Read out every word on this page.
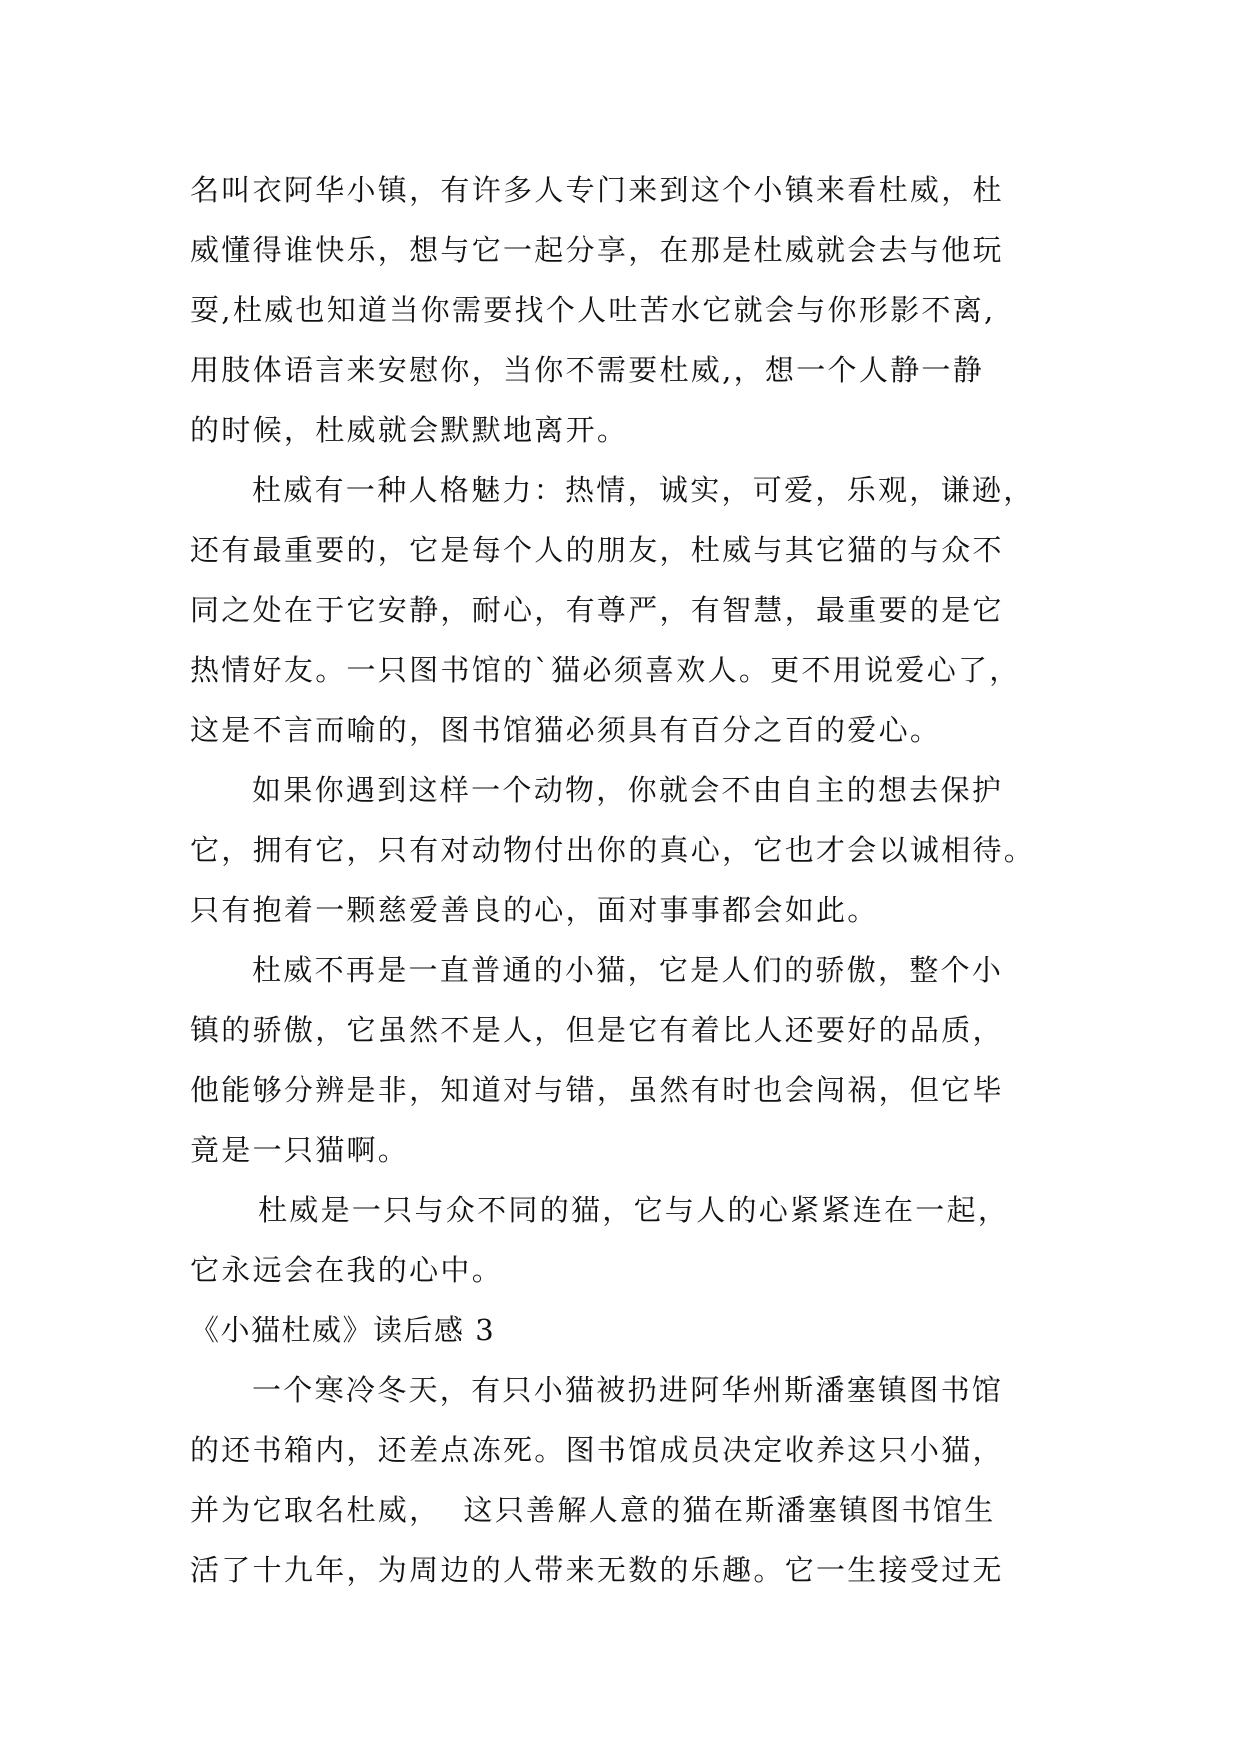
名叫衣阿华小镇，有许多人专门来到这个小镇来看杜威，杜
威懂得谁快乐，想与它一起分享，在那是杜威就会去与他玩
耍,杜威也知道当你需要找个人吐苦水它就会与你形影不离,
用肢体语言来安慰你，当你不需要杜威,，想一个人静一静
的时候，杜威就会默默地离开。
杜威有一种人格魅力：热情，诚实，可爱，乐观，谦逊，
还有最重要的，它是每个人的朋友，杜威与其它猫的与众不
同之处在于它安静，耐心，有尊严，有智慧，最重要的是它
热情好友。一只图书馆的`猫必须喜欢人。更不用说爱心了，
这是不言而喻的，图书馆猫必须具有百分之百的爱心。
如果你遇到这样一个动物，你就会不由自主的想去保护
它，拥有它，只有对动物付出你的真心，它也才会以诚相待。
只有抱着一颗慈爱善良的心，面对事事都会如此。
杜威不再是一直普通的小猫，它是人们的骄傲，整个小
镇的骄傲，它虽然不是人，但是它有着比人还要好的品质，
他能够分辨是非，知道对与错，虽然有时也会闯祸，但它毕
竟是一只猫啊。
杜威是一只与众不同的猫，它与人的心紧紧连在一起，
它永远会在我的心中。
《小猫杜威》读后感 3
一个寒冷冬天，有只小猫被扔进阿华州斯潘塞镇图书馆
的还书箱内，还差点冻死。图书馆成员决定收养这只小猫，
并为它取名杜威，  这只善解人意的猫在斯潘塞镇图书馆生
活了十九年，为周边的人带来无数的乐趣。它一生接受过无
